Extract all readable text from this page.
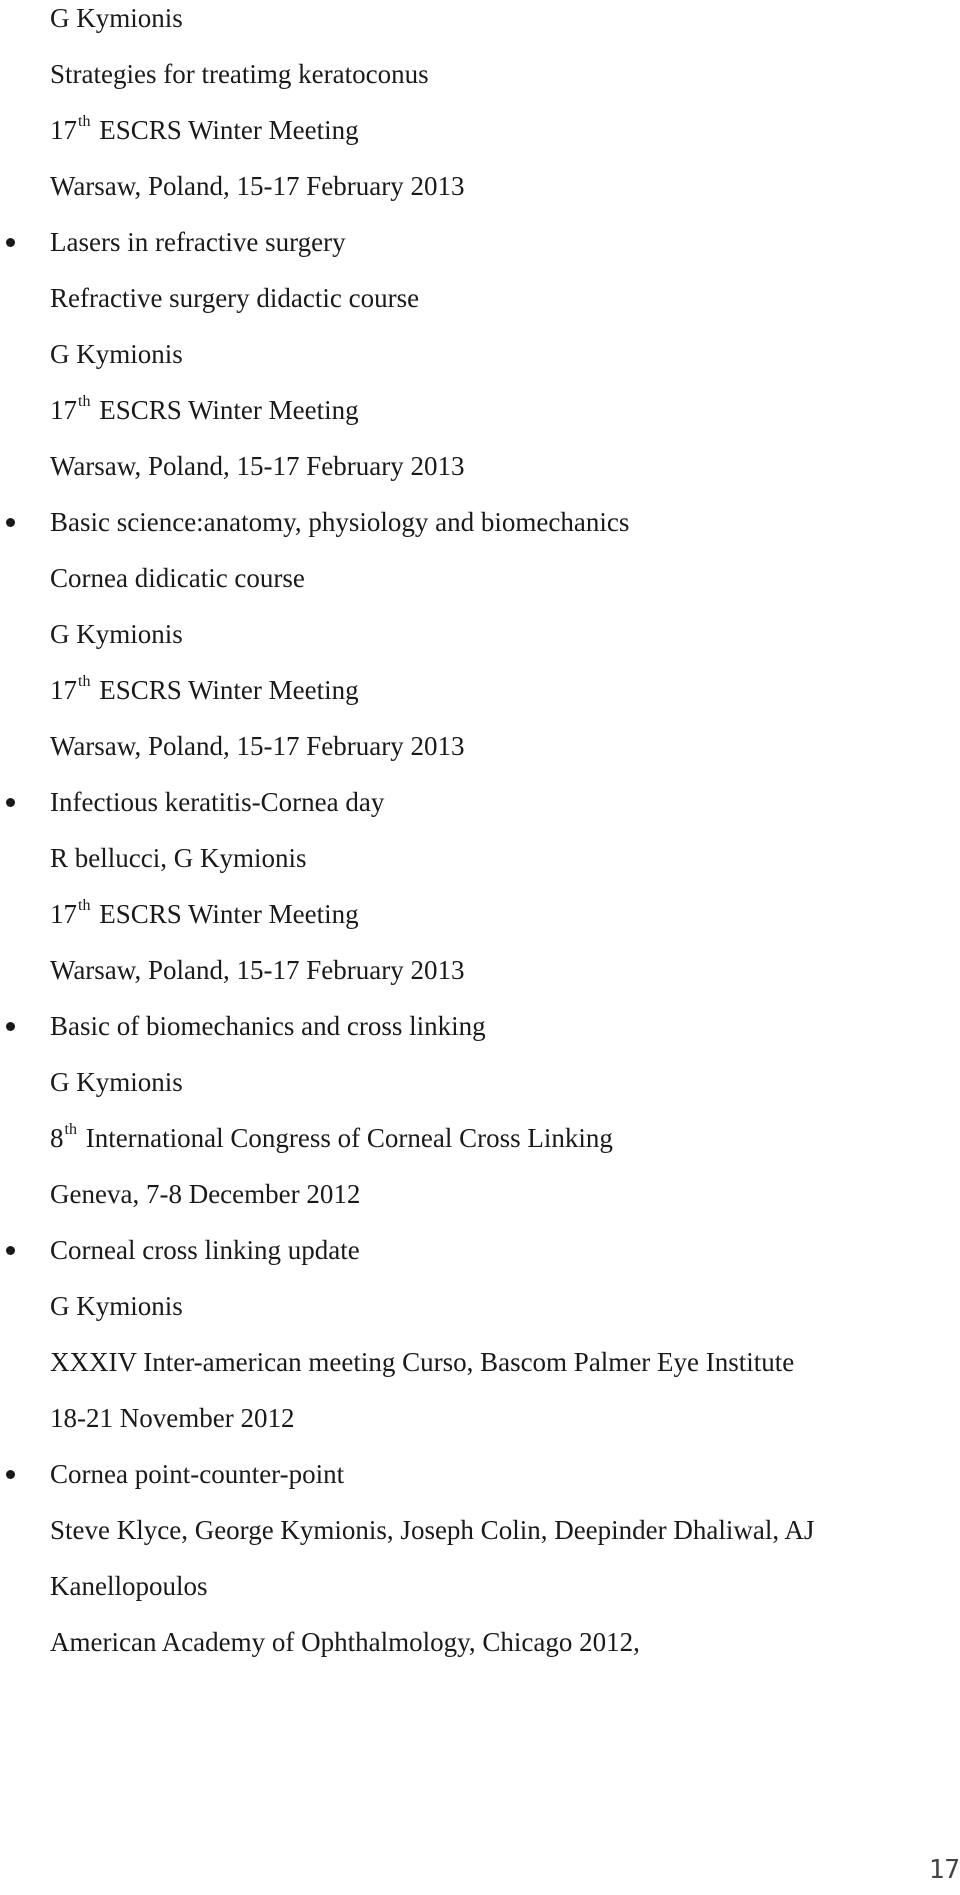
G Kymionis
Strategies for treatimg keratoconus
17th ESCRS Winter Meeting
Warsaw, Poland, 15-17 February 2013
Lasers in refractive surgery
Refractive surgery didactic course
G Kymionis
17th ESCRS Winter Meeting
Warsaw, Poland, 15-17 February 2013
Basic science:anatomy, physiology and biomechanics
Cornea didicatic course
G Kymionis
17th ESCRS Winter Meeting
Warsaw, Poland, 15-17 February 2013
Infectious keratitis-Cornea day
R bellucci, G Kymionis
17th ESCRS Winter Meeting
Warsaw, Poland, 15-17 February 2013
Basic of biomechanics and cross linking
G Kymionis
8th International Congress of Corneal Cross Linking
Geneva, 7-8 December 2012
Corneal cross linking update
G Kymionis
XXXIV Inter-american meeting Curso, Bascom Palmer Eye Institute
18-21 November 2012
Cornea point-counter-point
Steve Klyce, George Kymionis, Joseph Colin, Deepinder Dhaliwal, AJ
Kanellopoulos
American Academy of Ophthalmology, Chicago 2012,
17
